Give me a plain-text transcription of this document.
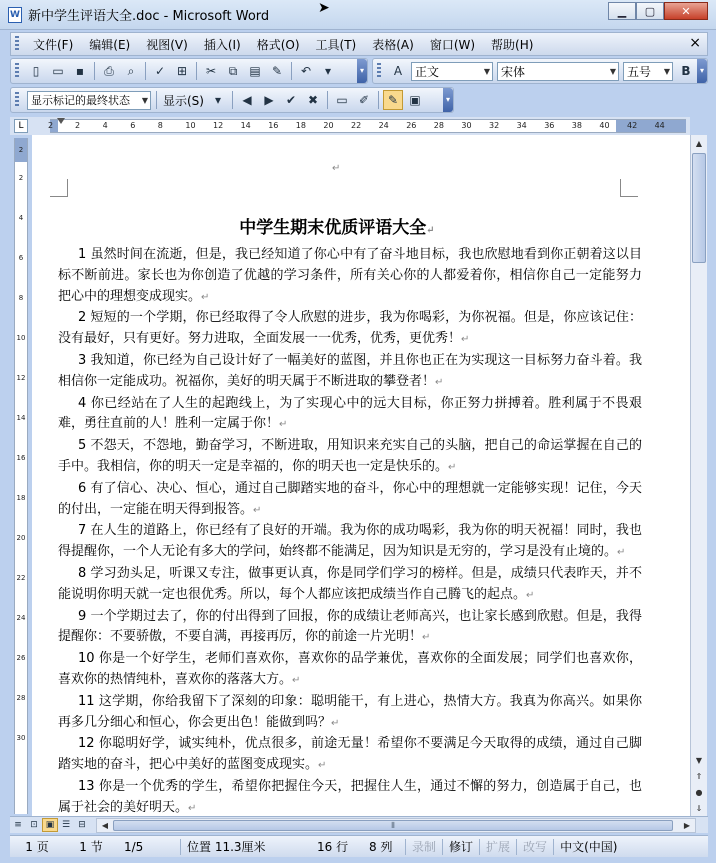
W 新中学生评语大全.doc - Microsoft Word	▁	▢	✕
➤
文件(F)	编辑(E)	视图(V)	插入(I)	格式(O)	工具(T)	表格(A)	窗口(W)	帮助(H)	×
▯	▭	▪	⎙	⌕	✓ ⊞	✂	⧉	▤ ✎	↶	▾	▾	A	正文	▼ 宋体	▼ 五号 ▼ B	▾
显示标记的最终状态 ▼ 显示(S) ▾	◀	▶	✔ ✖	▭ ✐	✎ ▣	▾
L	2	2	4	6	8	10 12 14 16 18 20 22 24 26 28 30 32 34 36 38 40 42 44
2
2
4
6
8
10
12
14
16
18
20
22
24
26
28
30
↵
中学生期末优质评语大全↵
1 虽然时间在流逝，但是，我已经知道了你心中有了奋斗地目标，我也欣慰地看到你正朝着这以目标不断前进。家长也为你创造了优越的学习条件，所有关心你的人都爱着你，相信你自己一定能努力把心中的理想变成现实。↵
2 短短的一个学期，你已经取得了令人欣慰的进步，我为你喝彩，为你祝福。但是，你应该记住：没有最好，只有更好。努力进取，全面发展一一优秀，优秀，更优秀！↵
3 我知道，你已经为自己设计好了一幅美好的蓝图，并且你也正在为实现这一目标努力奋斗着。我相信你一定能成功。祝福你，美好的明天属于不断进取的攀登者！↵
4 你已经站在了人生的起跑线上，为了实现心中的远大目标，你正努力拼搏着。胜利属于不畏艰难，勇往直前的人！胜利一定属于你！↵
5 不怨天，不怨地，勤奋学习，不断进取，用知识来充实自己的头脑，把自己的命运掌握在自己的手中。我相信，你的明天一定是幸福的，你的明天也一定是快乐的。↵
6 有了信心、决心、恒心，通过自己脚踏实地的奋斗，你心中的理想就一定能够实现！记住，今天的付出，一定能在明天得到报答。↵
7 在人生的道路上，你已经有了良好的开端。我为你的成功喝彩，我为你的明天祝福！同时，我也得提醒你，一个人无论有多大的学问，始终都不能满足，因为知识是无穷的，学习是没有止境的。↵
8 学习劲头足，听课又专注，做事更认真，你是同学们学习的榜样。但是，成绩只代表昨天，并不能说明你明天就一定也很优秀。所以，每个人都应该把成绩当作自己腾飞的起点。↵
9 一个学期过去了，你的付出得到了回报，你的成绩让老师高兴，也让家长感到欣慰。但是，我得提醒你：不要骄傲，不要自满，再接再厉，你的前途一片光明！↵
10 你是一个好学生，老师们喜欢你，喜欢你的品学兼优，喜欢你的全面发展；同学们也喜欢你，喜欢你的热情纯朴，喜欢你的落落大方。↵
11 这学期，你给我留下了深刻的印象：聪明能干，有上进心，热情大方。我真为你高兴。如果你再多几分细心和恒心，你会更出色！能做到吗？↵
12 你聪明好学，诚实纯朴，优点很多，前途无量！希望你不要满足今天取得的成绩，通过自己脚踏实地的奋斗，把心中美好的蓝图变成现实。↵
13 你是一个优秀的学生，希望你把握住今天，把握住人生，通过不懈的努力，创造属于自己，也属于社会的美好明天。↵
▲
▼
⇑
●
⇓
≡ ⊡ ▣ ☰ ⊟	◀	⦀	▶
1 页	1 节	1/5	位置 11.3厘米	16 行	8 列	录制	修订	扩展	改写	中文(中国)
